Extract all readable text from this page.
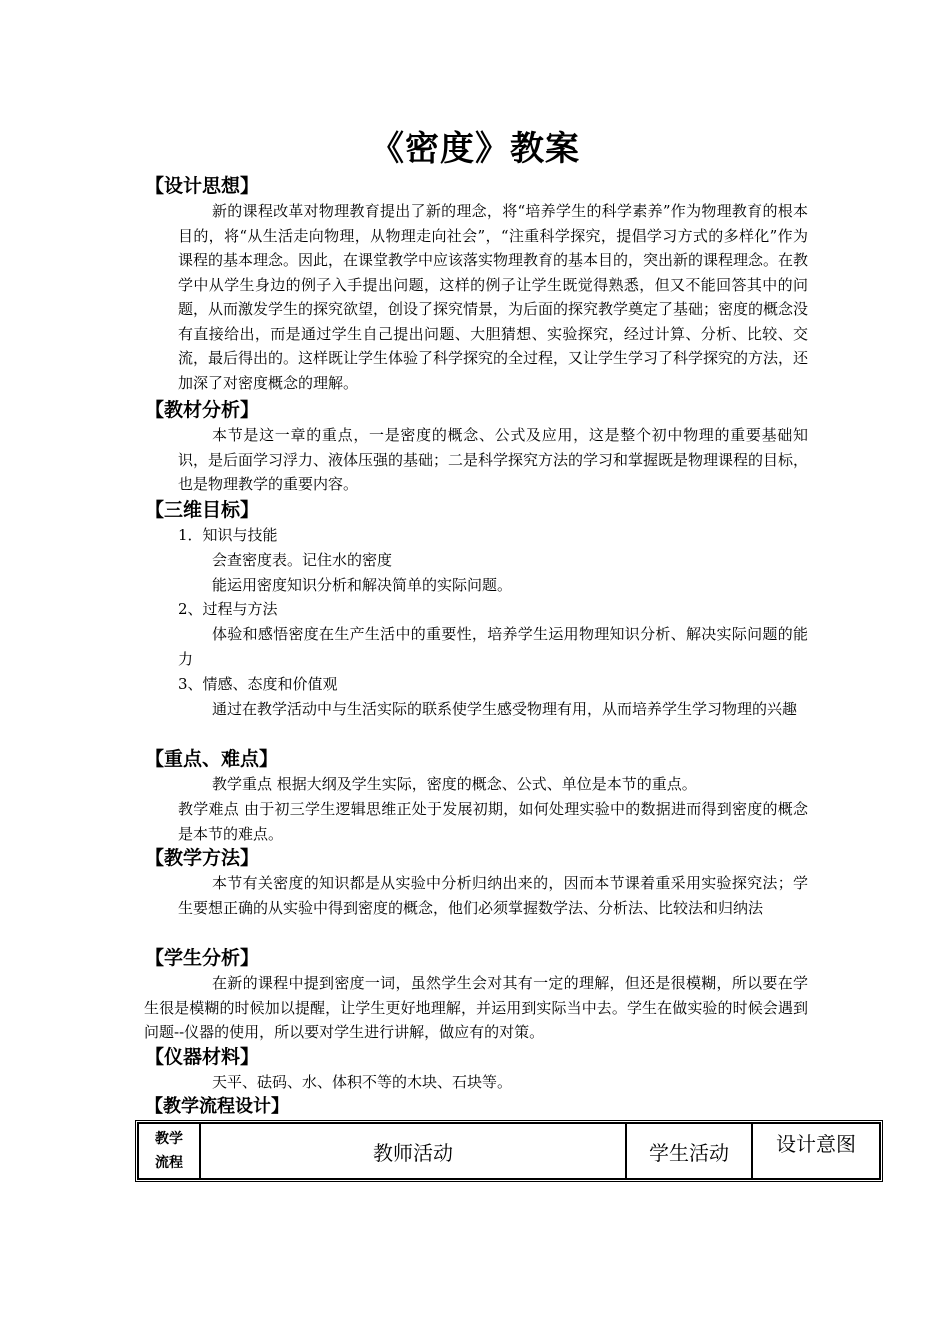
《密度》教案
【设计思想】
新的课程改革对物理教育提出了新的理念，将“培养学生的科学素养”作为物理教育的根本目的，将“从生活走向物理，从物理走向社会”，“注重科学探究，提倡学习方式的多样化”作为课程的基本理念。因此，在课堂教学中应该落实物理教育的基本目的，突出新的课程理念。在教学中从学生身边的例子入手提出问题，这样的例子让学生既觉得熟悉，但又不能回答其中的问题，从而激发学生的探究欲望，创设了探究情景，为后面的探究教学奠定了基础；密度的概念没有直接给出，而是通过学生自己提出问题、大胆猜想、实验探究，经过计算、分析、比较、交流，最后得出的。这样既让学生体验了科学探究的全过程，又让学生学习了科学探究的方法，还加深了对密度概念的理解。
【教材分析】
本节是这一章的重点，一是密度的概念、公式及应用，这是整个初中物理的重要基础知识，是后面学习浮力、液体压强的基础；二是科学探究方法的学习和掌握既是物理课程的目标，也是物理教学的重要内容。
【三维目标】
1．知识与技能
会查密度表。记住水的密度
能运用密度知识分析和解决简单的实际问题。
2、过程与方法
体验和感悟密度在生产生活中的重要性，培养学生运用物理知识分析、解决实际问题的能力
3、情感、态度和价值观
通过在教学活动中与生活实际的联系使学生感受物理有用，从而培养学生学习物理的兴趣
【重点、难点】
教学重点 根据大纲及学生实际，密度的概念、公式、单位是本节的重点。
教学难点 由于初三学生逻辑思维正处于发展初期，如何处理实验中的数据进而得到密度的概念是本节的难点。
【教学方法】
本节有关密度的知识都是从实验中分析归纳出来的，因而本节课着重采用实验探究法；学生要想正确的从实验中得到密度的概念，他们必须掌握数学法、分析法、比较法和归纳法
【学生分析】
在新的课程中提到密度一词，虽然学生会对其有一定的理解，但还是很模糊，所以要在学生很是模糊的时候加以提醒，让学生更好地理解，并运用到实际当中去。学生在做实验的时候会遇到问题--仪器的使用，所以要对学生进行讲解，做应有的对策。
【仪器材料】
天平、砝码、水、体积不等的木块、石块等。
【教学流程设计】
教学
流程	教师活动	学生活动	设计意图
